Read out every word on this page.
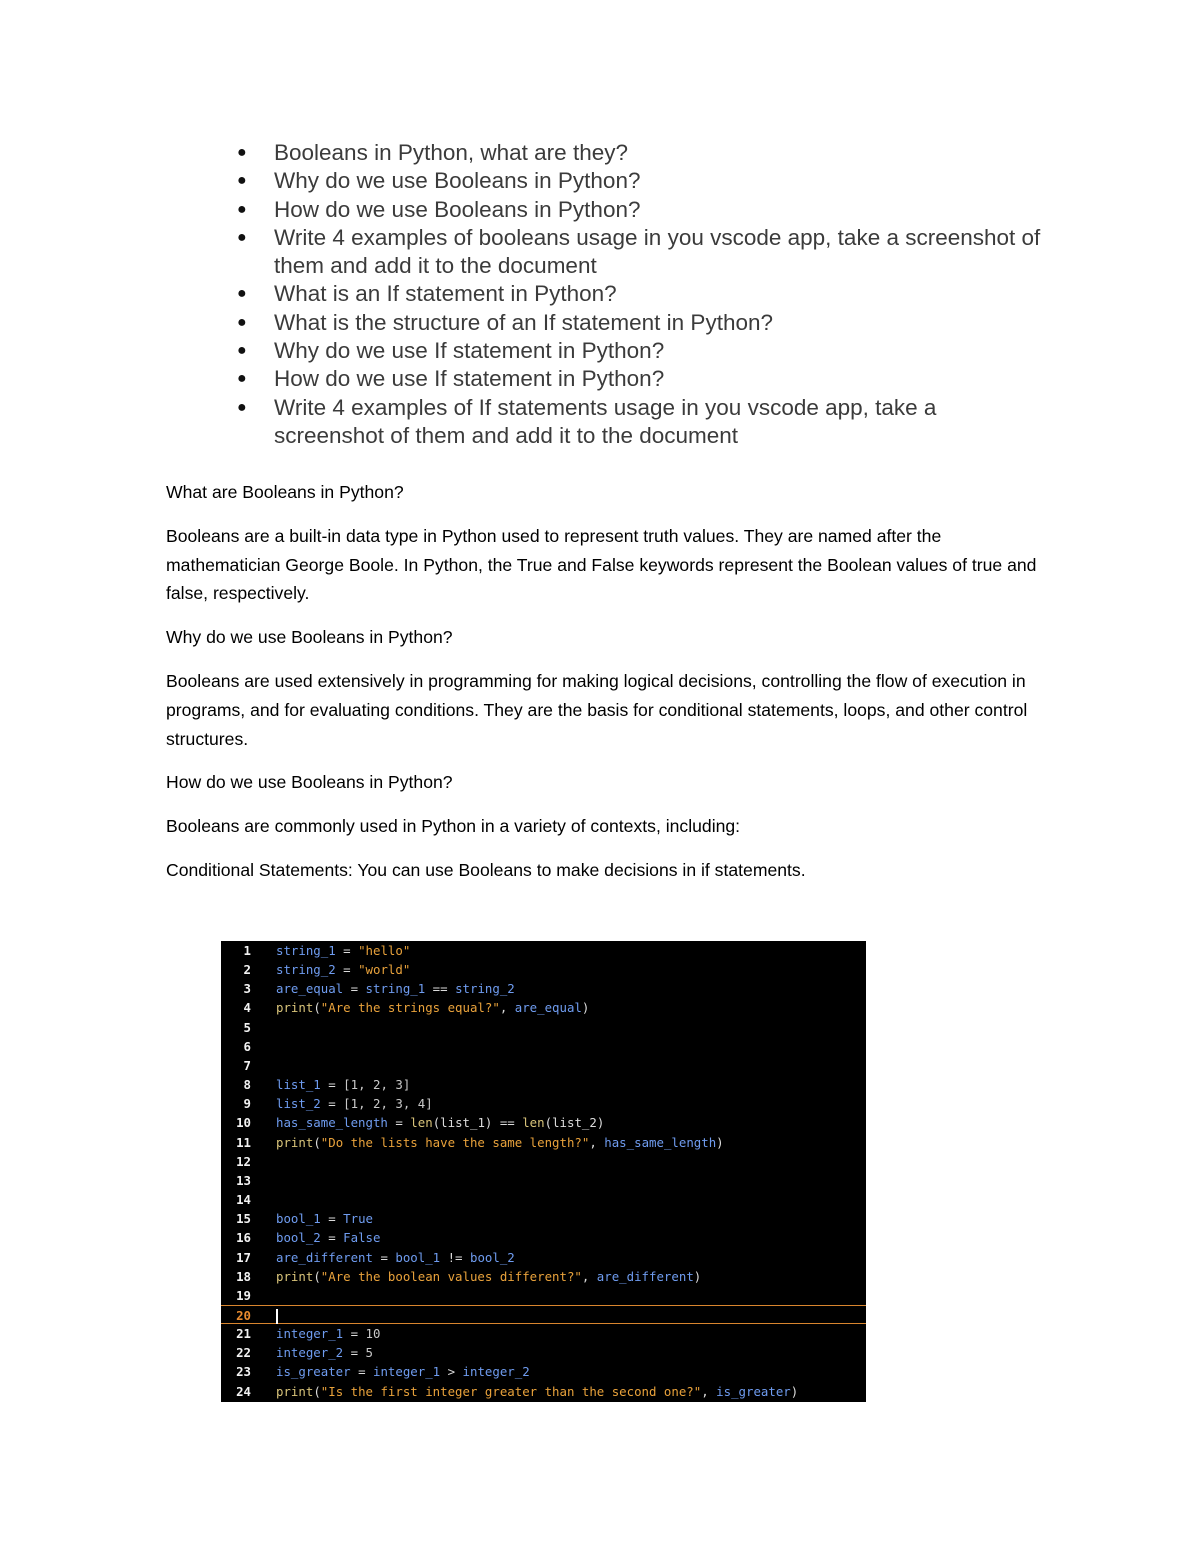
● Booleans in Python, what are they?
● Why do we use Booleans in Python?
● How do we use Booleans in Python?
● Write 4 examples of booleans usage in you vscode app, take a screenshot of them and add it to the document
● What is an If statement in Python?
● What is the structure of an If statement in Python?
● Why do we use If statement in Python?
● How do we use If statement in Python?
● Write 4 examples of If statements usage in you vscode app, take a screenshot of them and add it to the document

What are Booleans in Python?

Booleans are a built-in data type in Python used to represent truth values. They are named after the mathematician George Boole. In Python, the True and False keywords represent the Boolean values of true and false, respectively.

Why do we use Booleans in Python?

Booleans are used extensively in programming for making logical decisions, controlling the flow of execution in programs, and for evaluating conditions. They are the basis for conditional statements, loops, and other control structures.

How do we use Booleans in Python?

Booleans are commonly used in Python in a variety of contexts, including:

Conditional Statements: You can use Booleans to make decisions in if statements.

1 string_1 = "hello"
2 string_2 = "world"
3 are_equal = string_1 == string_2
4 print("Are the strings equal?", are_equal)
5
6
7
8 list_1 = [1, 2, 3]
9 list_2 = [1, 2, 3, 4]
10 has_same_length = len(list_1) == len(list_2)
11 print("Do the lists have the same length?", has_same_length)
12
13
14
15 bool_1 = True
16 bool_2 = False
17 are_different = bool_1 != bool_2
18 print("Are the boolean values different?", are_different)
19
20
21 integer_1 = 10
22 integer_2 = 5
23 is_greater = integer_1 > integer_2
24 print("Is the first integer greater than the second one?", is_greater)
